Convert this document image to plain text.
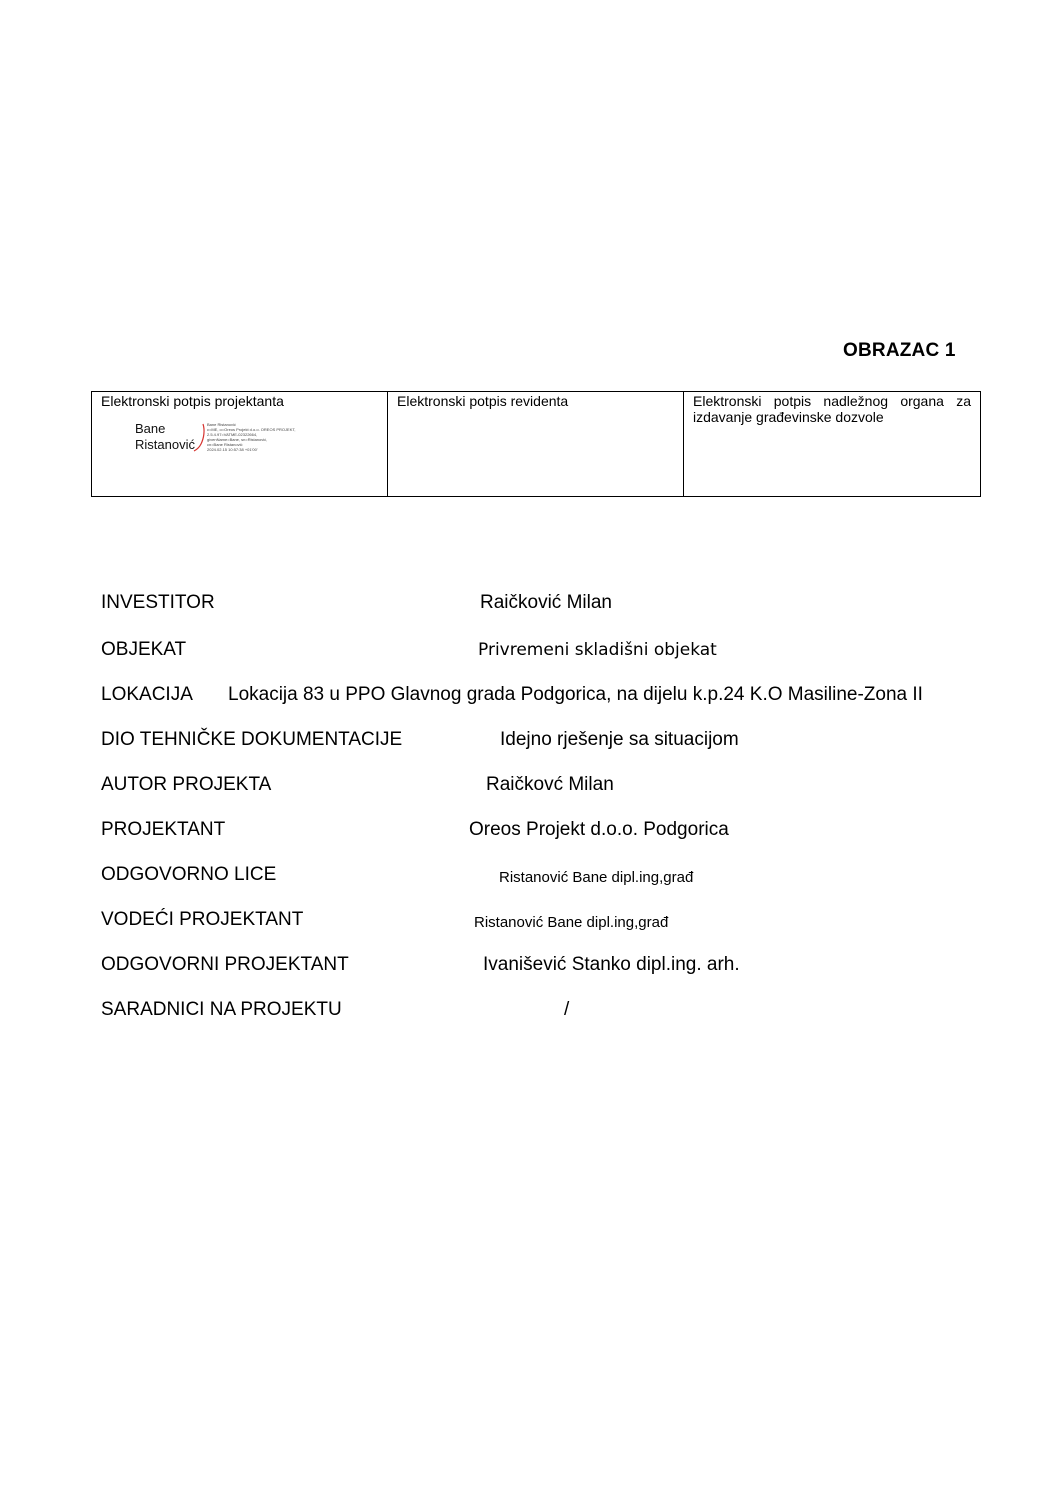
OBRAZAC 1
Elektronski potpis projektanta
Bane
Ristanović
Bane Ristanović
c=ME, o=Oreos Projekt d.o.o. OREOS PROJEKT,
2.5.4.97=VATME-02322664,
givenName=Bane, sn=Ristanović,
cn=Bane Ristanović
2024.02.15 10:57:38 +01'00'
	Elektronski potpis revidenta	Elektronski potpis nadležnog organa za izdavanje građevinske dozvole
INVESTITOR	Raičković Milan
OBJEKAT	Privremeni skladišni objekat
LOKACIJA Lokacija 83 u PPO Glavnog grada Podgorica, na dijelu k.p.24 K.O Masiline-Zona II
DIO TEHNIČKE DOKUMENTACIJE	Idejno rješenje sa situacijom
AUTOR PROJEKTA	Raičkovć Milan
PROJEKTANT	Oreos Projekt d.o.o. Podgorica
ODGOVORNO LICE	Ristanović Bane dipl.ing,građ
VODEĆI PROJEKTANT	Ristanović Bane dipl.ing,građ
ODGOVORNI PROJEKTANT	Ivanišević Stanko dipl.ing. arh.
SARADNICI NA PROJEKTU	/
